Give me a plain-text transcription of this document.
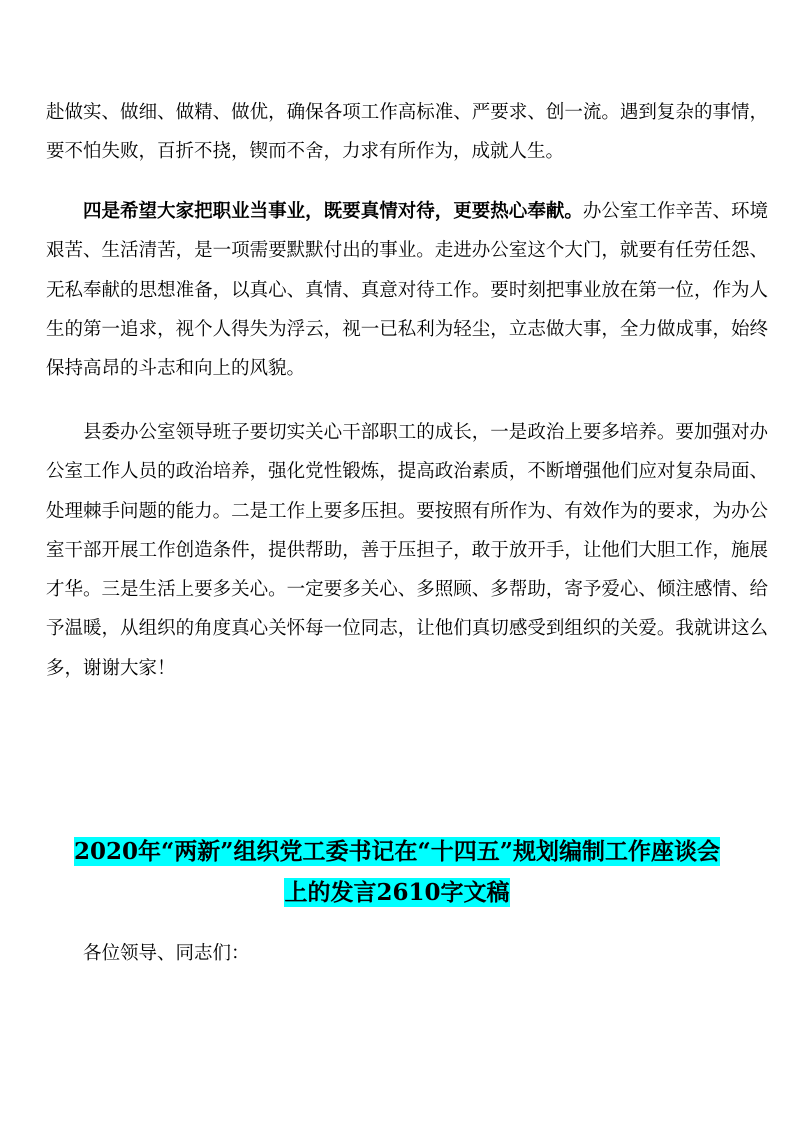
赴做实、做细、做精、做优，确保各项工作高标准、严要求、创一流。遇到复杂的事情，要不怕失败，百折不挠，锲而不舍，力求有所作为，成就人生。

四是希望大家把职业当事业，既要真情对待，更要热心奉献。办公室工作辛苦、环境艰苦、生活清苦，是一项需要默默付出的事业。走进办公室这个大门，就要有任劳任怨、无私奉献的思想准备，以真心、真情、真意对待工作。要时刻把事业放在第一位，作为人生的第一追求，视个人得失为浮云，视一已私利为轻尘，立志做大事，全力做成事，始终保持高昂的斗志和向上的风貌。

县委办公室领导班子要切实关心干部职工的成长，一是政治上要多培养。要加强对办公室工作人员的政治培养，强化党性锻炼，提高政治素质，不断增强他们应对复杂局面、处理棘手问题的能力。二是工作上要多压担。要按照有所作为、有效作为的要求，为办公室干部开展工作创造条件，提供帮助，善于压担子，敢于放开手，让他们大胆工作，施展才华。三是生活上要多关心。一定要多关心、多照顾、多帮助，寄予爱心、倾注感情、给予温暖，从组织的角度真心关怀每一位同志，让他们真切感受到组织的关爱。我就讲这么多，谢谢大家！

2020年“两新”组织党工委书记在“十四五”规划编制工作座谈会
上的发言2610字文稿
各位领导、同志们：
